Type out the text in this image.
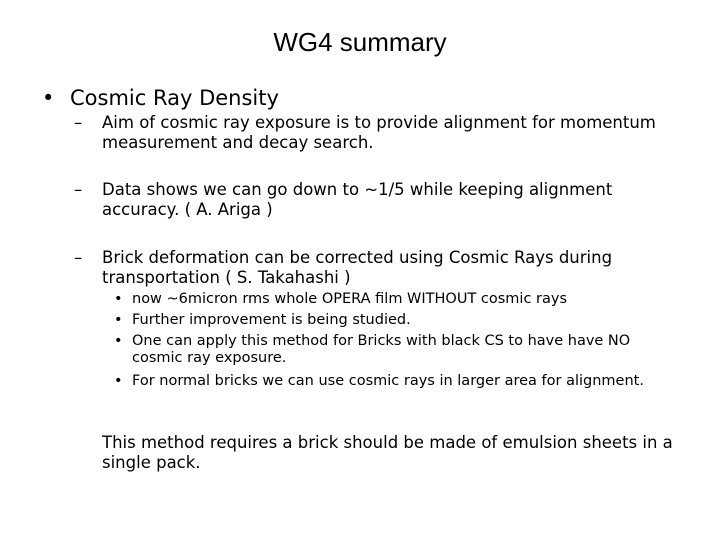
WG4 summary
• Cosmic Ray Density
– Aim of cosmic ray exposure is to provide alignment for momentum measurement and decay search.
– Data shows we can go down to ~1/5 while keeping alignment accuracy. ( A. Ariga )
– Brick deformation can be corrected using Cosmic Rays during transportation ( S. Takahashi )
• now ~6micron rms whole OPERA film WITHOUT cosmic rays
• Further improvement is being studied.
• One can apply this method for Bricks with black CS to have have NO cosmic ray exposure.
• For normal bricks we can use cosmic rays in larger area for alignment.
This method requires a brick should be made of emulsion sheets in a single pack.
